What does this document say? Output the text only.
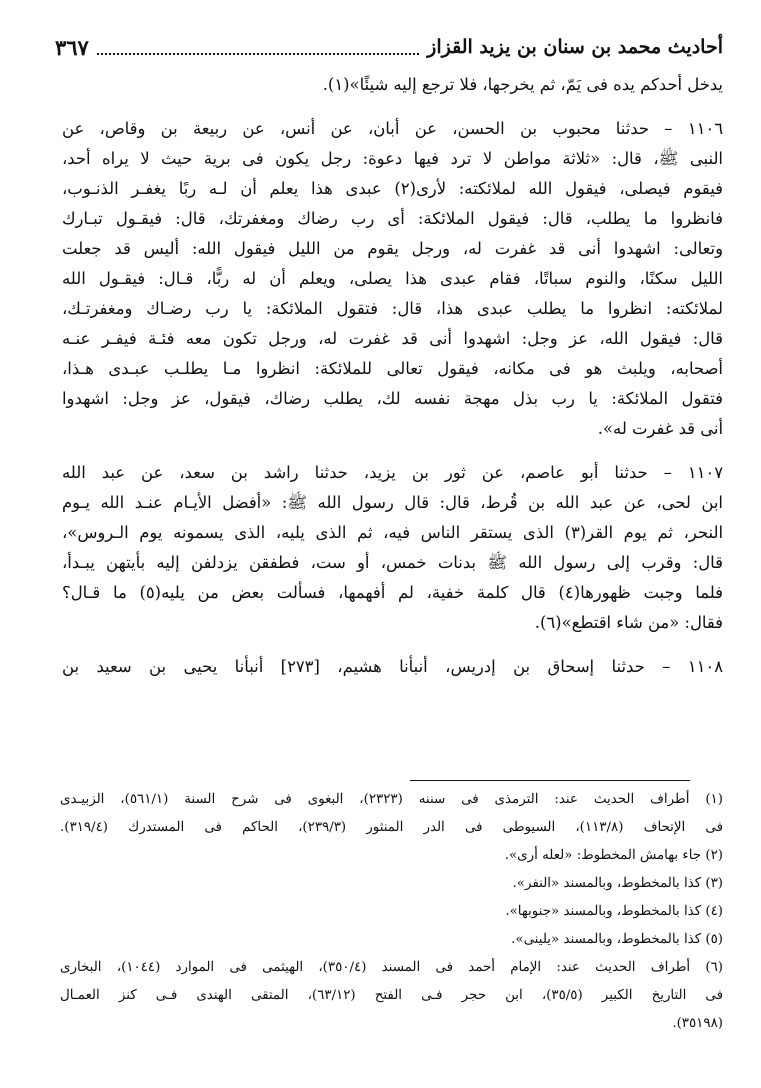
أحاديث محمد بن سنان بن يزيد القزاز
٣٦٧
يدخل أحدكم يده فى يَمّ، ثم يخرجها، فلا ترجع إليه شيئًا»(١).
١١٠٦ – حدثنا محبوب بن الحسن، عن أبان، عن أنس، عن ربيعة بن وقاص، عن
النبى ﷺ، قال: «ثلاثة مواطن لا ترد فيها دعوة: رجل يكون فى برية حيث لا يراه أحد،
فيقوم فيصلى، فيقول الله لملائكته: لأرى(٢) عبدى هذا يعلم أن لـه ربًا يغفـر الذنـوب،
فانظروا ما يطلب، قال: فيقول الملائكة: أى رب رضاك ومغفرتك، قال: فيقـول تبـارك
وتعالى: اشهدوا أنى قد غفرت له، ورجل يقوم من الليل فيقول الله: أليس قد جعلت
الليل سكنًا، والنوم سباتًا، فقام عبدى هذا يصلى، ويعلم أن له ربًّا، قـال: فيقـول الله
لملائكته: انظروا ما يطلب عبدى هذا، قال: فتقول الملائكة: يا رب رضـاك ومغفرتـك،
قال: فيقول الله، عز وجل: اشهدوا أنى قد غفرت له، ورجل تكون معه فئـة فيفـر عنـه
أصحابه، ويلبث هو فى مكانه، فيقول تعالى للملائكة: انظروا مـا يطلـب عبـدى هـذا،
فتقول الملائكة: يا رب بذل مهجة نفسه لك، يطلب رضاك، فيقول، عز وجل: اشهدوا
أنى قد غفرت له».
١١٠٧ – حدثنا أبو عاصم، عن ثور بن يزيد، حدثنا راشد بن سعد، عن عبد الله
ابن لحى، عن عبد الله بن قُرط، قال: قال رسول الله ﷺ: «أفضل الأيـام عنـد الله يـوم
النحر، ثم يوم القر(٣) الذى يستقر الناس فيه، ثم الذى يليه، الذى يسمونه يوم الـروس»،
قال: وقرب إلى رسول الله ﷺ بدنات خمس، أو ست، فطفقن يزدلفن إليه بأيتهن يبـدأ،
فلما وجبت ظهورها(٤) قال كلمة خفية، لم أفهمها، فسألت بعض من يليه(٥) ما قـال؟
فقال: «من شاء اقتطع»(٦).
١١٠٨ – حدثنا إسحاق بن إدريس، أنبأنا هشيم، [٢٧٣] أنبأنا يحيى بن سعيد بن
(١) أطراف الحديث عند: الترمذى فى سننه (٢٣٢٣)، البغوى فى شرح السنة (٥٦١/١)، الزبيـدى
فى الإتحاف (١١٣/٨)، السيوطى فى الدر المنثور (٢٣٩/٣)، الحاكم فى المستدرك (٣١٩/٤).
(٢) جاء بهامش المخطوط: «لعله أرى».
(٣) كذا بالمخطوط، وبالمسند «النفر».
(٤) كذا بالمخطوط، وبالمسند «جنوبها».
(٥) كذا بالمخطوط، وبالمسند «يلينى».
(٦) أطراف الحديث عند: الإمام أحمد فى المسند (٣٥٠/٤)، الهيثمى فى الموارد (١٠٤٤)، البخارى
فى التاريخ الكبير (٣٥/٥)، ابن حجر فـى الفتح (٦٣/١٢)، المتقى الهندى فـى كنز العمـال
(٣٥١٩٨).
